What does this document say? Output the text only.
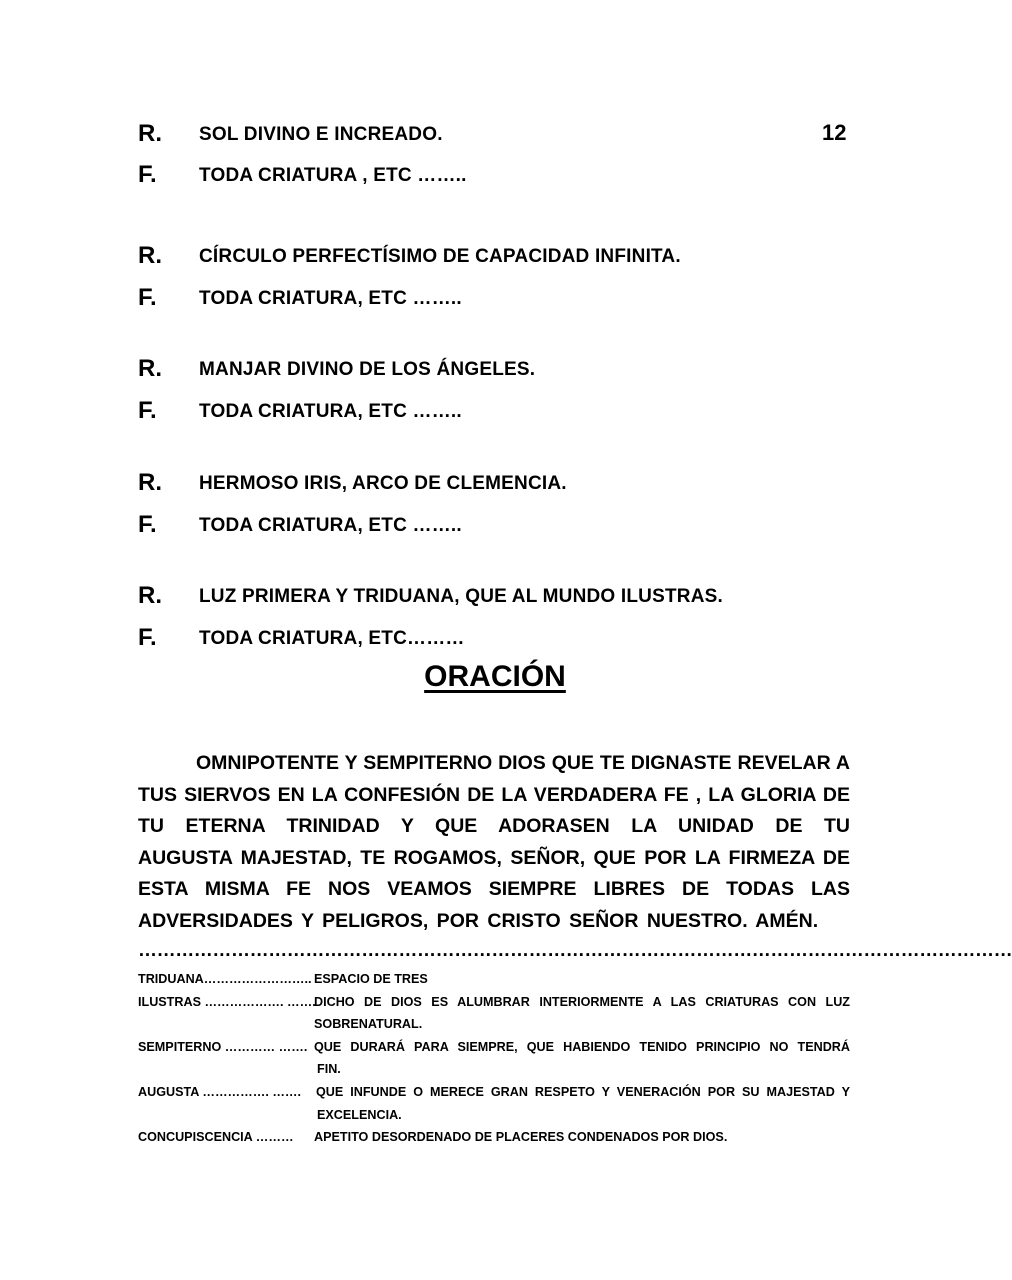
12
R. SOL DIVINO E INCREADO.
F. TODA CRIATURA , ETC ……..
R. CÍRCULO PERFECTÍSIMO DE CAPACIDAD INFINITA.
F. TODA CRIATURA, ETC ……..
R. MANJAR DIVINO DE LOS ÁNGELES.
F. TODA CRIATURA, ETC ……..
R. HERMOSO IRIS, ARCO DE CLEMENCIA.
F. TODA CRIATURA, ETC ……..
R. LUZ PRIMERA Y TRIDUANA, QUE AL MUNDO ILUSTRAS.
F. TODA CRIATURA, ETC………
ORACIÓN
OMNIPOTENTE Y SEMPITERNO DIOS QUE TE DIGNASTE REVELAR A
TUS SIERVOS EN LA CONFESIÓN DE LA VERDADERA FE , LA GLORIA DE
TU ETERNA TRINIDAD Y QUE ADORASEN LA UNIDAD DE TU
AUGUSTA MAJESTAD, TE ROGAMOS, SEÑOR, QUE POR LA FIRMEZA DE
ESTA MISMA FE NOS VEAMOS SIEMPRE LIBRES DE TODAS LAS
ADVERSIDADES Y PELIGROS, POR CRISTO SEÑOR NUESTRO. AMÉN.
……………………………………………………………………………………………………………………………
TRIDUANA…………………….. ESPACIO DE TRES
ILUSTRAS ………………. …….
DICHO DE DIOS ES ALUMBRAR INTERIORMENTE A LAS CRIATURAS CON LUZ
SOBRENATURAL.
SEMPITERNO ………… ……. QUE DURARÁ PARA SIEMPRE, QUE HABIENDO TENIDO PRINCIPIO NO TENDRÁ
FIN.
AUGUSTA ……………. ……. QUE INFUNDE O MERECE GRAN RESPETO Y VENERACIÓN POR SU MAJESTAD Y
EXCELENCIA.
CONCUPISCENCIA ……… APETITO DESORDENADO DE PLACERES CONDENADOS POR DIOS.
